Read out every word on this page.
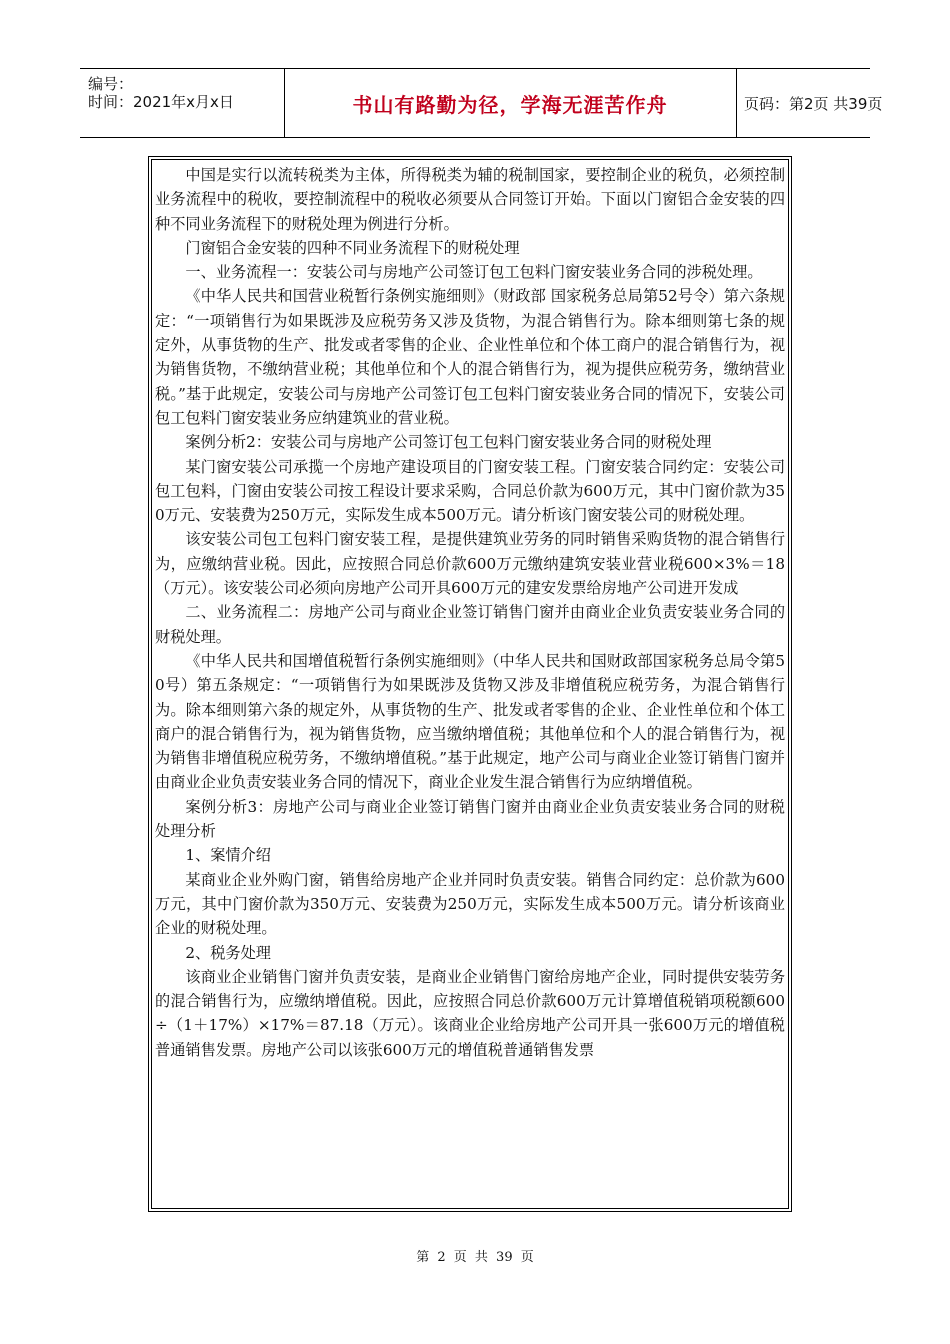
编号：
时间：2021年x月x日	书山有路勤为径，学海无涯苦作舟	页码：第2页 共39页

中国是实行以流转税类为主体，所得税类为辅的税制国家，要控制企业的税负，必须控制业务流程中的税收，要控制流程中的税收必须要从合同签订开始。下面以门窗铝合金安装的四种不同业务流程下的财税处理为例进行分析。

门窗铝合金安装的四种不同业务流程下的财税处理

一、业务流程一：安装公司与房地产公司签订包工包料门窗安装业务合同的涉税处理。

《中华人民共和国营业税暂行条例实施细则》（财政部 国家税务总局第52号令）第六条规定：“一项销售行为如果既涉及应税劳务又涉及货物，为混合销售行为。除本细则第七条的规定外，从事货物的生产、批发或者零售的企业、企业性单位和个体工商户的混合销售行为，视为销售货物，不缴纳营业税；其他单位和个人的混合销售行为，视为提供应税劳务，缴纳营业税。”基于此规定，安装公司与房地产公司签订包工包料门窗安装业务合同的情况下，安装公司包工包料门窗安装业务应纳建筑业的营业税。

案例分析2：安装公司与房地产公司签订包工包料门窗安装业务合同的财税处理

某门窗安装公司承揽一个房地产建设项目的门窗安装工程。门窗安装合同约定：安装公司包工包料，门窗由安装公司按工程设计要求采购，合同总价款为600万元，其中门窗价款为350万元、安装费为250万元，实际发生成本500万元。请分析该门窗安装公司的财税处理。

该安装公司包工包料门窗安装工程，是提供建筑业劳务的同时销售采购货物的混合销售行为，应缴纳营业税。因此，应按照合同总价款600万元缴纳建筑安装业营业税600×3%＝18（万元）。该安装公司必须向房地产公司开具600万元的建安发票给房地产公司进开发成

二、业务流程二：房地产公司与商业企业签订销售门窗并由商业企业负责安装业务合同的财税处理。

《中华人民共和国增值税暂行条例实施细则》（中华人民共和国财政部国家税务总局令第50号）第五条规定：“一项销售行为如果既涉及货物又涉及非增值税应税劳务，为混合销售行为。除本细则第六条的规定外，从事货物的生产、批发或者零售的企业、企业性单位和个体工商户的混合销售行为，视为销售货物，应当缴纳增值税；其他单位和个人的混合销售行为，视为销售非增值税应税劳务，不缴纳增值税。”基于此规定，地产公司与商业企业签订销售门窗并由商业企业负责安装业务合同的情况下，商业企业发生混合销售行为应纳增值税。

案例分析3：房地产公司与商业企业签订销售门窗并由商业企业负责安装业务合同的财税处理分析

1、案情介绍

某商业企业外购门窗，销售给房地产企业并同时负责安装。销售合同约定：总价款为600万元，其中门窗价款为350万元、安装费为250万元，实际发生成本500万元。请分析该商业企业的财税处理。

2、税务处理

该商业企业销售门窗并负责安装，是商业企业销售门窗给房地产企业，同时提供安装劳务的混合销售行为，应缴纳增值税。因此，应按照合同总价款600万元计算增值税销项税额600÷（1＋17%）×17%＝87.18（万元）。该商业企业给房地产公司开具一张600万元的增值税普通销售发票。房地产公司以该张600万元的增值税普通销售发票

第 2 页 共 39 页
